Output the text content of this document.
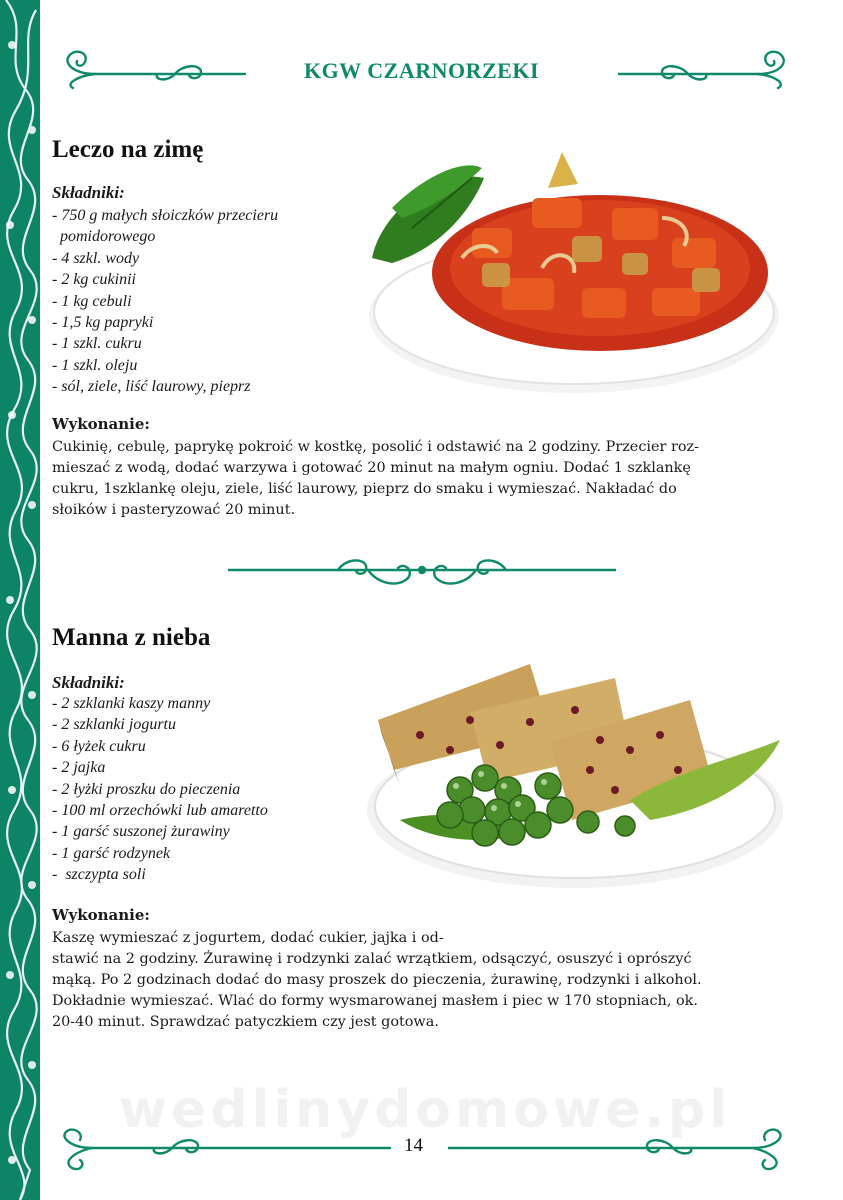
KGW CZARNORZEKI
Leczo na zimę
Składniki:
- 750 g małych słoiczków przecieru
pomidorowego
- 4 szkl. wody
- 2 kg cukinii
- 1 kg cebuli
- 1,5 kg papryki
- 1 szkl. cukru
- 1 szkl. oleju
- sól, ziele, liść laurowy, pieprz
Wykonanie:
Cukinię, cebulę, paprykę pokroić w kostkę, posolić i odstawić na 2 godziny. Przecier roz-
mieszać z wodą, dodać warzywa i gotować 20 minut na małym ogniu. Dodać 1 szklankę
cukru, 1szklankę oleju, ziele, liść laurowy, pieprz do smaku i wymieszać. Nakładać do
słoików i pasteryzować 20 minut.
Manna z nieba
Składniki:
- 2 szklanki kaszy manny
- 2 szklanki jogurtu
- 6 łyżek cukru
- 2 jajka
- 2 łyżki proszku do pieczenia
- 100 ml orzechówki lub amaretto
- 1 garść suszonej żurawiny
- 1 garść rodzynek
-  szczypta soli
Wykonanie:
Kaszę wymieszać z jogurtem, dodać cukier, jajka i od-
stawić na 2 godziny. Żurawinę i rodzynki zalać wrzątkiem, odsączyć, osuszyć i oprószyć
mąką. Po 2 godzinach dodać do masy proszek do pieczenia, żurawinę, rodzynki i alkohol.
Dokładnie wymieszać. Wlać do formy wysmarowanej masłem i piec w 170 stopniach, ok.
20-40 minut. Sprawdzać patyczkiem czy jest gotowa.
wedlinydomowe.pl
14
